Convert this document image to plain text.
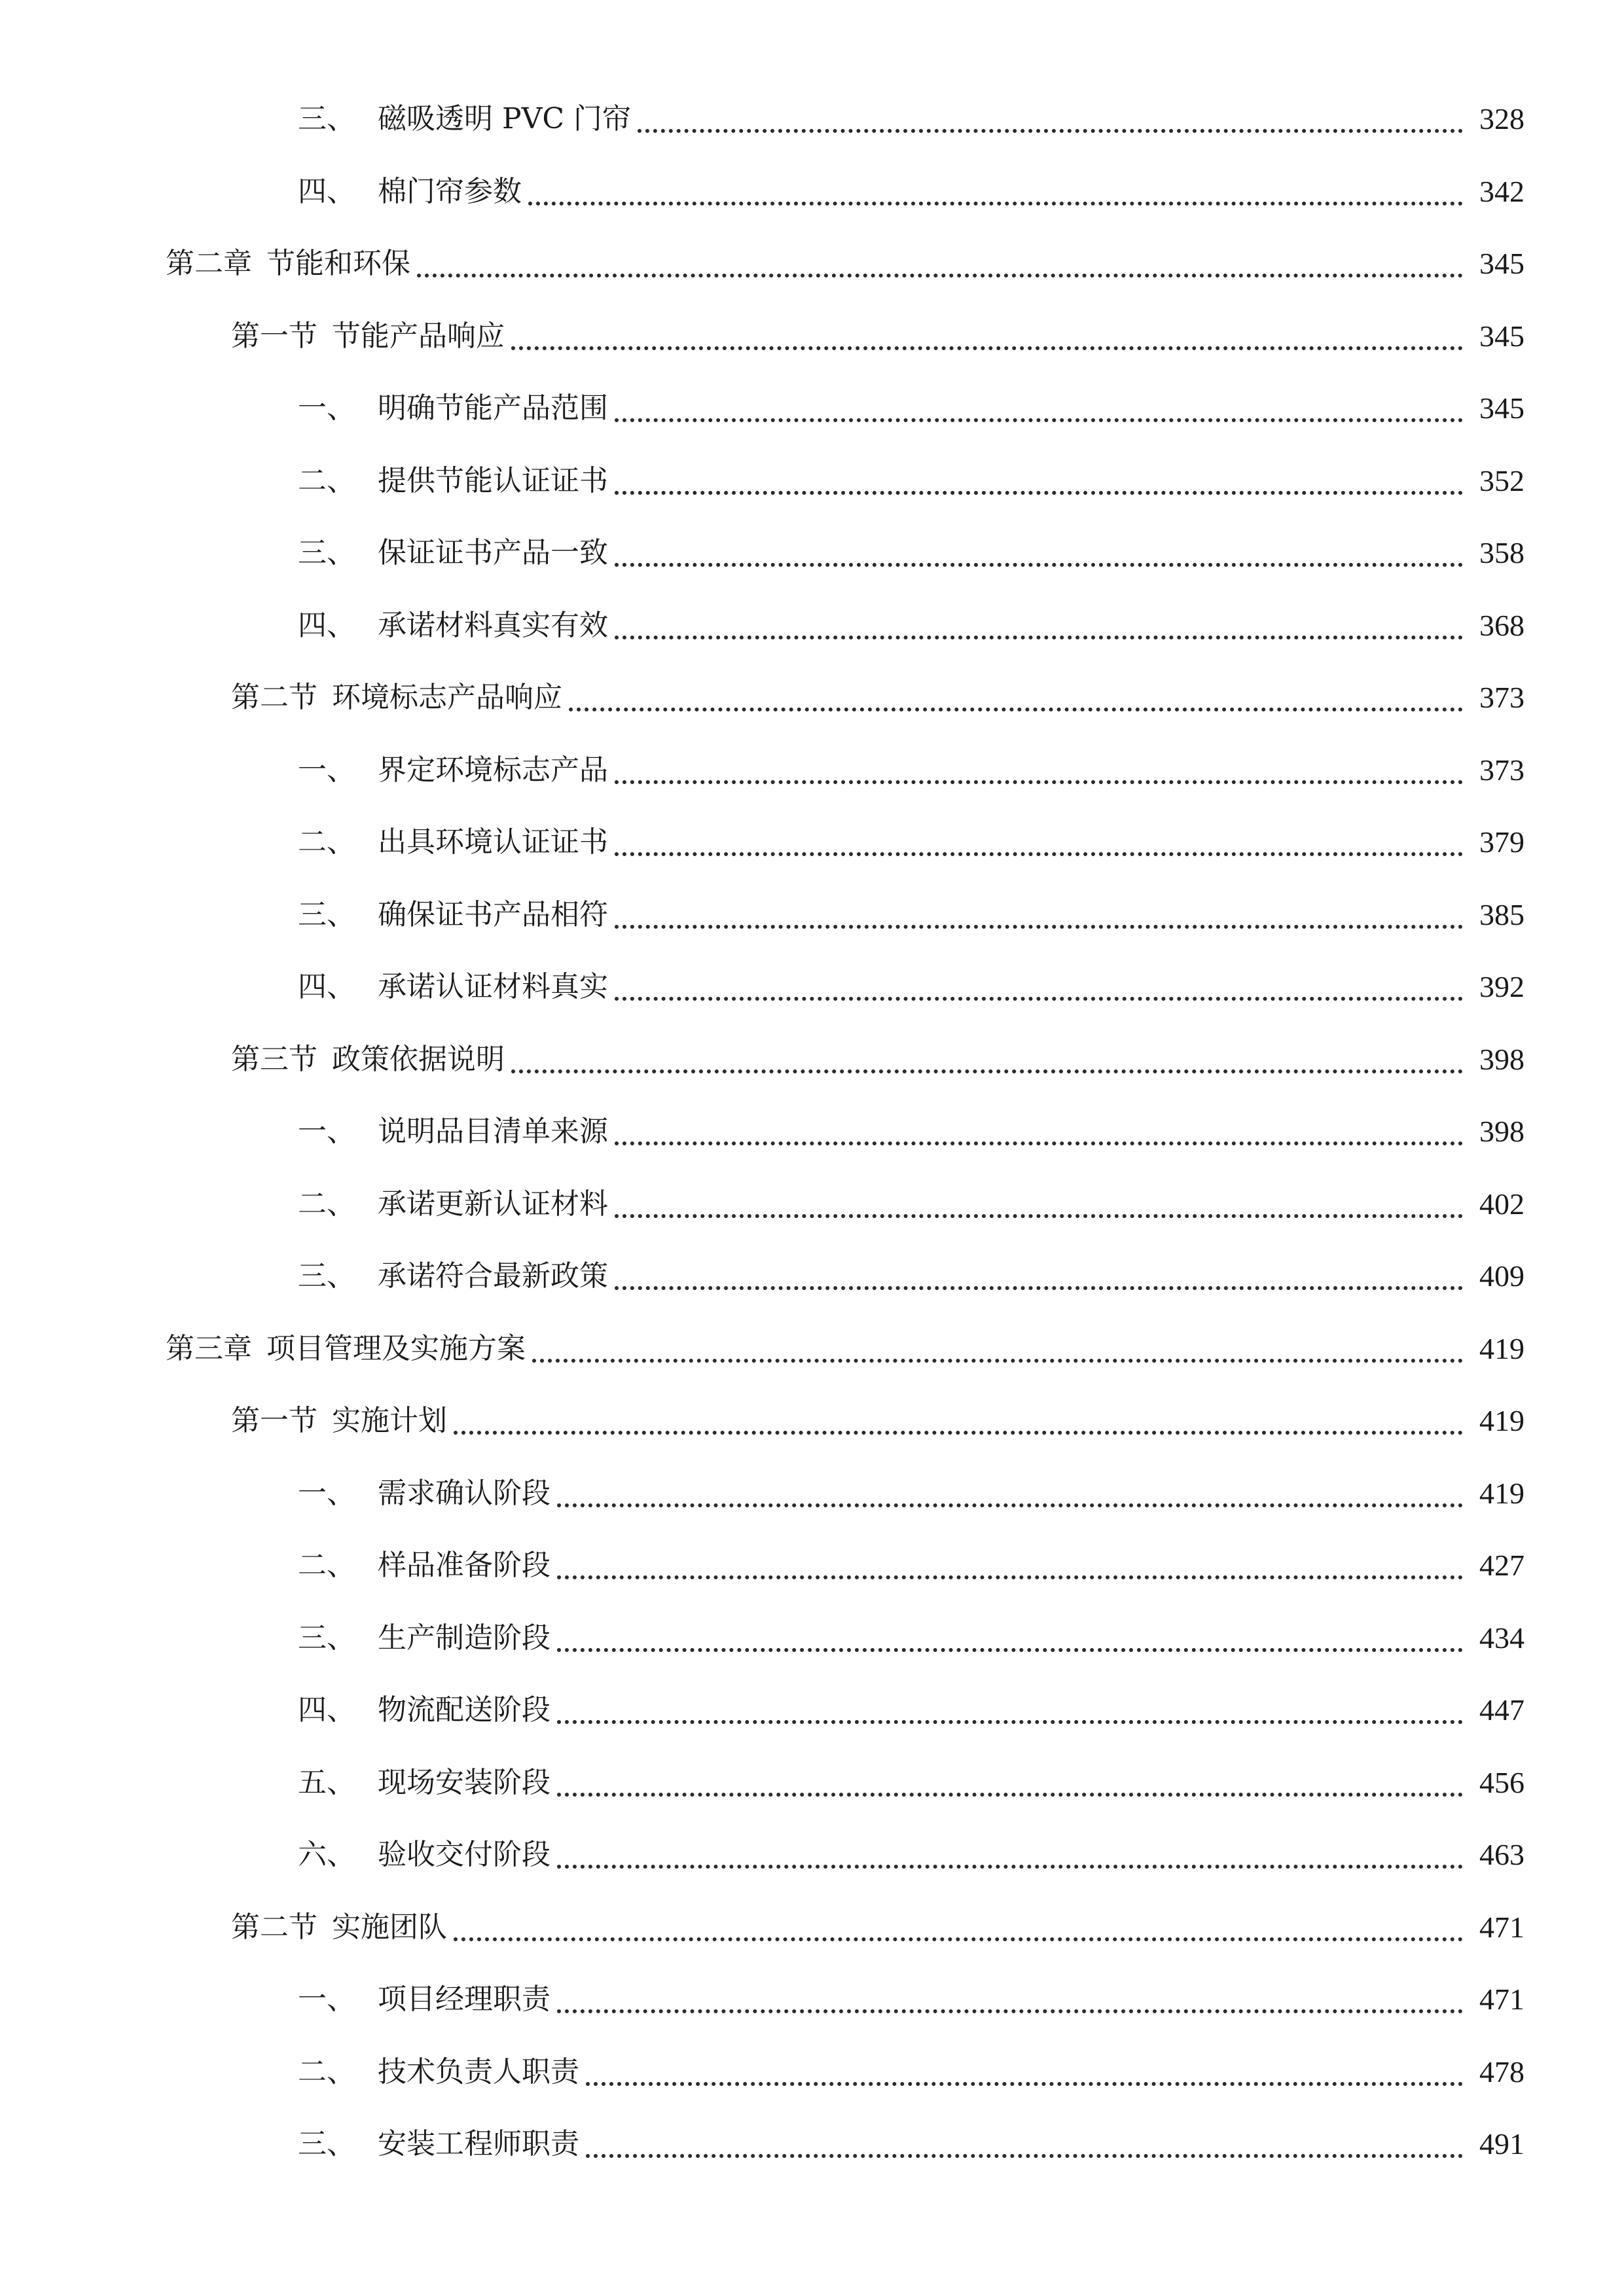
三、 磁吸透明 PVC 门帘	328
四、 棉门帘参数	342
第二章 节能和环保	345
第一节 节能产品响应	345
一、 明确节能产品范围	345
二、 提供节能认证证书	352
三、 保证证书产品一致	358
四、 承诺材料真实有效	368
第二节 环境标志产品响应	373
一、 界定环境标志产品	373
二、 出具环境认证证书	379
三、 确保证书产品相符	385
四、 承诺认证材料真实	392
第三节 政策依据说明	398
一、 说明品目清单来源	398
二、 承诺更新认证材料	402
三、 承诺符合最新政策	409
第三章 项目管理及实施方案	419
第一节 实施计划	419
一、 需求确认阶段	419
二、 样品准备阶段	427
三、 生产制造阶段	434
四、 物流配送阶段	447
五、 现场安装阶段	456
六、 验收交付阶段	463
第二节 实施团队	471
一、 项目经理职责	471
二、 技术负责人职责	478
三、 安装工程师职责	491
